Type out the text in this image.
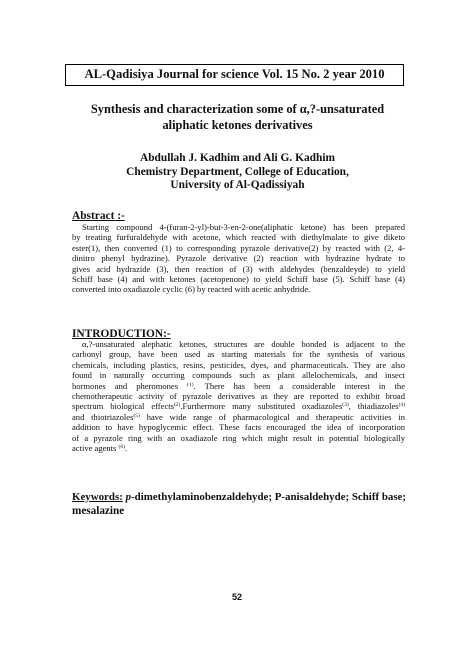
AL-Qadisiya Journal for science Vol. 15 No. 2 year 2010
Synthesis and characterization some of α,?-unsaturated
aliphatic ketones derivatives
Abdullah J. Kadhim and Ali G. Kadhim
Chemistry Department, College of Education,
University of Al-Qadissiyah
Abstract :-
Starting compound 4-(furan-2-yl)-but-3-en-2-one(aliphatic ketone) has been prepared
by treating furfuraldehyde with acetone, which reacted with diethylmalate to give diketo
ester(1), then converted (1) to corresponding pyrazole derivative(2) by reacted with (2, 4-
dinitro phenyl hydrazine). Pyrazole derivative (2) reaction with hydrazine hydrate to
gives acid hydrazide (3), then reaction of (3) with aldehydes (benzaldeyde) to yield
Schiff base (4) and with ketones (acetopenone) to yield Schiff base (5). Schiff base (4)
converted into oxadiazole cyclic (6) by reacted with acetic anhydride.
INTRODUCTION:-
α,?-unsaturated alephatic ketones, structures are double bonded is adjacent to the
carbonyl group, have been used as starting materials for the synthesis of various
chemicals, including plastics, resins, pesticides, dyes, and pharmaceuticals. They are also
found in naturally occurring compounds such as plant allelochemicals, and insect
hormones and pheromones $^{(1)}$. There has been a considerable interest in the
chemotherapeutic activity of pyrazole derivatives as they are reported to exhibit broad
spectrum biological effects$^{(2)}$.Furthermore many substituted oxadiazoles$^{(3)}$, thiadiazoles$^{(4)}$
and thiotriazoles$^{(5)}$ have wide range of pharmacological and therapeutic activities in
addition to have hypoglycemic effect. These facts encouraged the idea of incorporation
of a pyrazole ring with an oxadiazole ring which might result in potential biologically
active agents $^{(6)}$.
Keywords: p-dimethylaminobenzaldehyde; P-anisaldehyde; Schiff base;
mesalazine
52
